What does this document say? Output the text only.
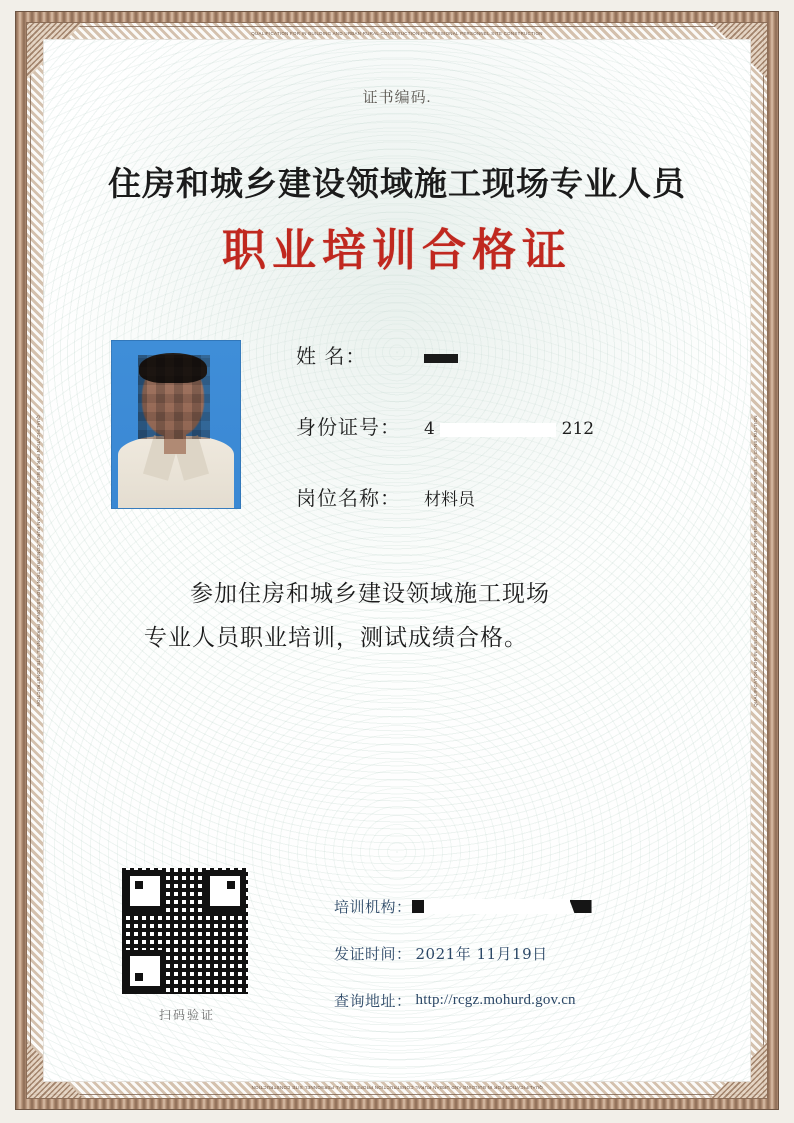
QUALIFICATION FOR IN BUILDING AND URBAN RURAL CONSTRUCTION PROFESSIONAL PERSONNEL SITE CONSTRUCTION
QUALIFICATION FOR IN BUILDING AND URBAN RURAL CONSTRUCTION PROFESSIONAL PERSONNEL SITE CONSTRUCTION
QUALIFICATION FOR IN BUILDING AND URBAN RURAL CONSTRUCTION PROFESSIONAL PERSONNEL SITE CONSTRUCTION	QUALIFICATION FOR IN BUILDING AND URBAN RURAL CONSTRUCTION PROFESSIONAL PERSONNEL SITE CONSTRUCTION
证书编码.
住房和城乡建设领域施工现场专业人员
职业培训合格证
姓 名：
身份证号：	4	212
岗位名称：	材料员
参加住房和城乡建设领域施工现场
专业人员职业培训，测试成绩合格。
扫码验证
培训机构：
发证时间： 2021年 11月19日
查询地址： http://rcgz.mohurd.gov.cn
